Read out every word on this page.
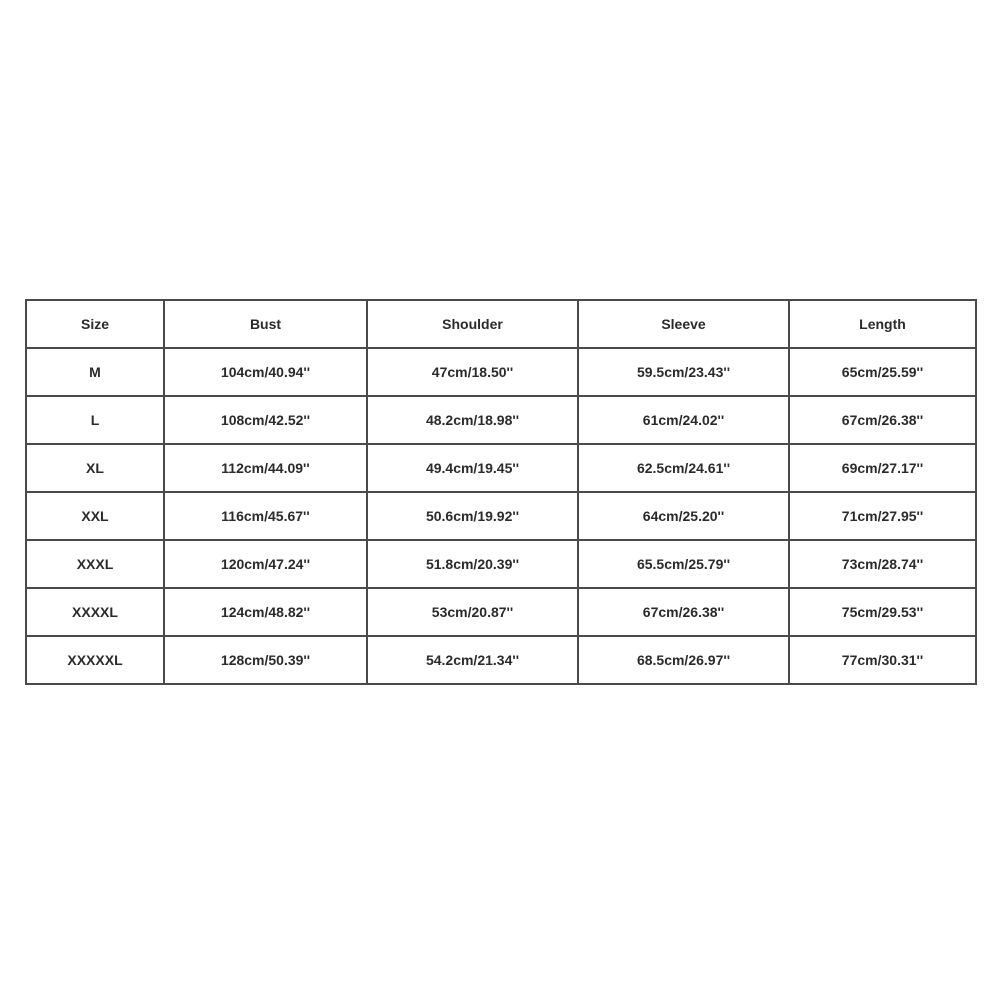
Size	Bust	Shoulder	Sleeve	Length
M	104cm/40.94''	47cm/18.50''	59.5cm/23.43''	65cm/25.59''
L	108cm/42.52''	48.2cm/18.98''	61cm/24.02''	67cm/26.38''
XL	112cm/44.09''	49.4cm/19.45''	62.5cm/24.61''	69cm/27.17''
XXL	116cm/45.67''	50.6cm/19.92''	64cm/25.20''	71cm/27.95''
XXXL	120cm/47.24''	51.8cm/20.39''	65.5cm/25.79''	73cm/28.74''
XXXXL	124cm/48.82''	53cm/20.87''	67cm/26.38''	75cm/29.53''
XXXXXL	128cm/50.39''	54.2cm/21.34''	68.5cm/26.97''	77cm/30.31''
